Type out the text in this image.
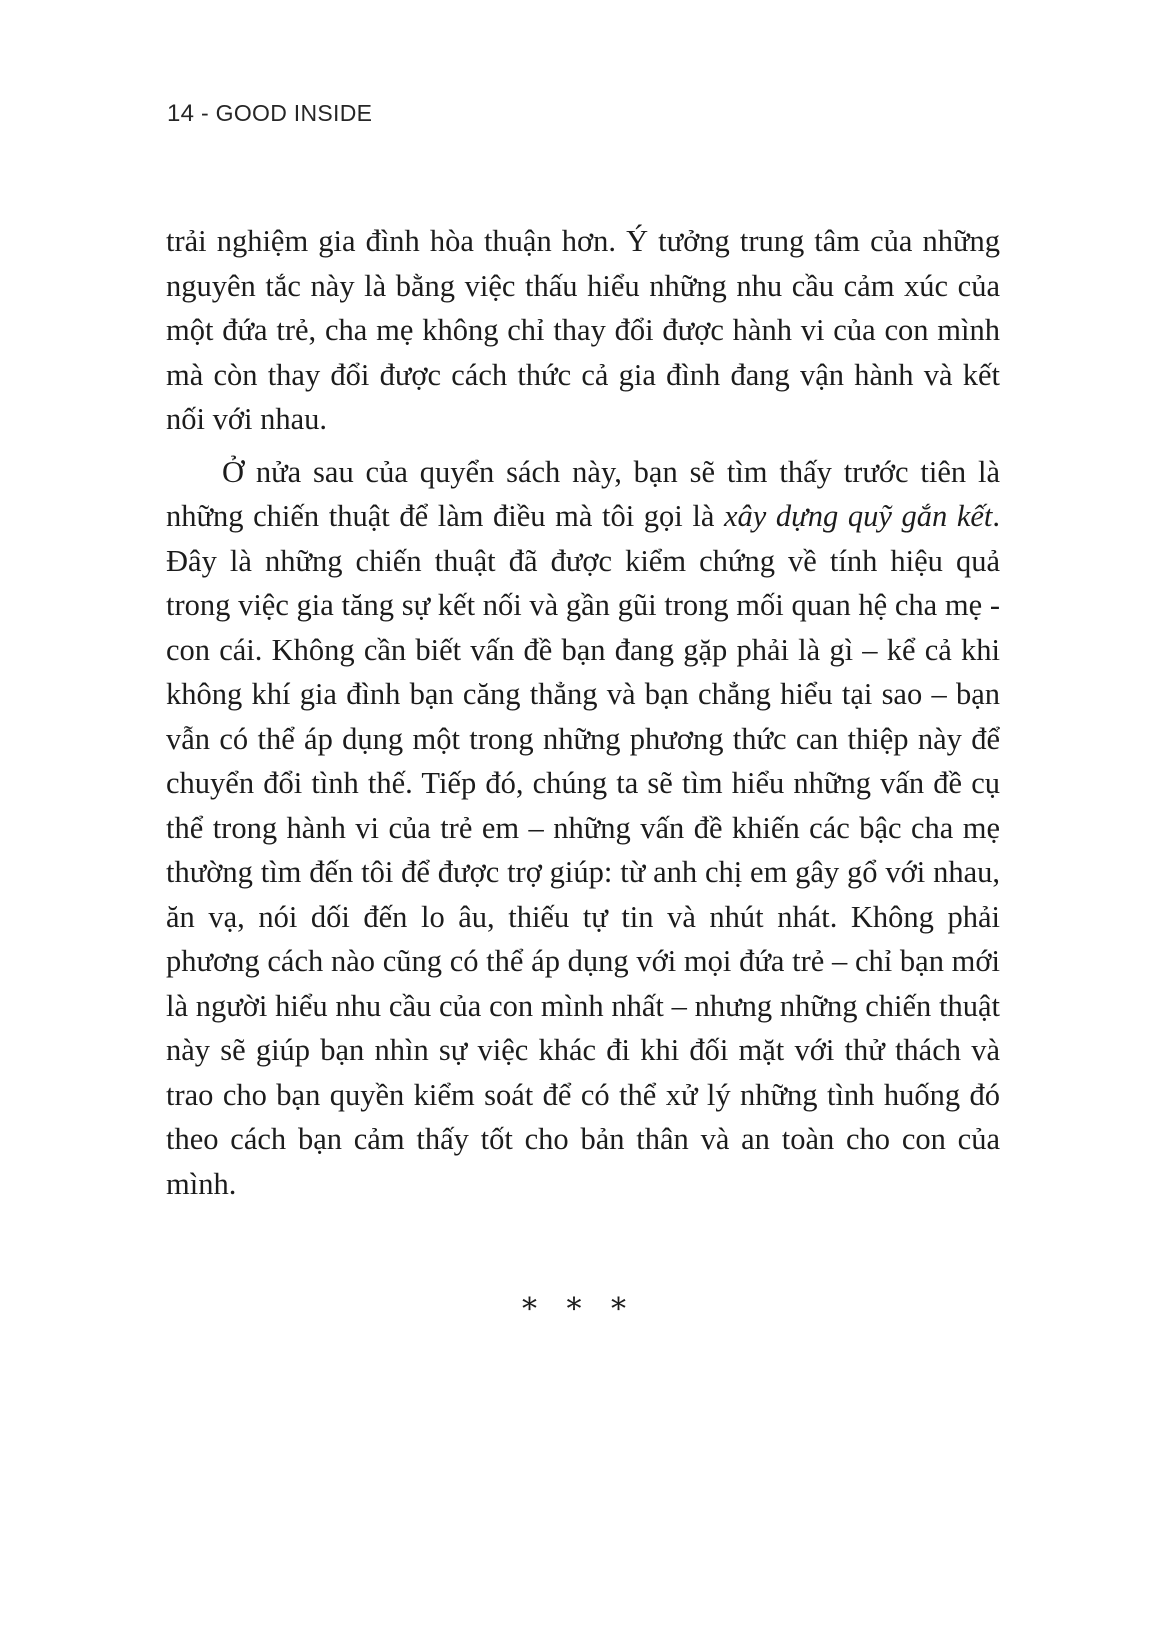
14 - GOOD INSIDE

trải nghiệm gia đình hòa thuận hơn. Ý tưởng trung tâm của những nguyên tắc này là bằng việc thấu hiểu những nhu cầu cảm xúc của một đứa trẻ, cha mẹ không chỉ thay đổi được hành vi của con mình mà còn thay đổi được cách thức cả gia đình đang vận hành và kết nối với nhau.

Ở nửa sau của quyển sách này, bạn sẽ tìm thấy trước tiên là những chiến thuật để làm điều mà tôi gọi là xây dựng quỹ gắn kết. Đây là những chiến thuật đã được kiểm chứng về tính hiệu quả trong việc gia tăng sự kết nối và gần gũi trong mối quan hệ cha mẹ - con cái. Không cần biết vấn đề bạn đang gặp phải là gì – kể cả khi không khí gia đình bạn căng thẳng và bạn chẳng hiểu tại sao – bạn vẫn có thể áp dụng một trong những phương thức can thiệp này để chuyển đổi tình thế. Tiếp đó, chúng ta sẽ tìm hiểu những vấn đề cụ thể trong hành vi của trẻ em – những vấn đề khiến các bậc cha mẹ thường tìm đến tôi để được trợ giúp: từ anh chị em gây gổ với nhau, ăn vạ, nói dối đến lo âu, thiếu tự tin và nhút nhát. Không phải phương cách nào cũng có thể áp dụng với mọi đứa trẻ – chỉ bạn mới là người hiểu nhu cầu của con mình nhất – nhưng những chiến thuật này sẽ giúp bạn nhìn sự việc khác đi khi đối mặt với thử thách và trao cho bạn quyền kiểm soát để có thể xử lý những tình huống đó theo cách bạn cảm thấy tốt cho bản thân và an toàn cho con của mình.

* * *
